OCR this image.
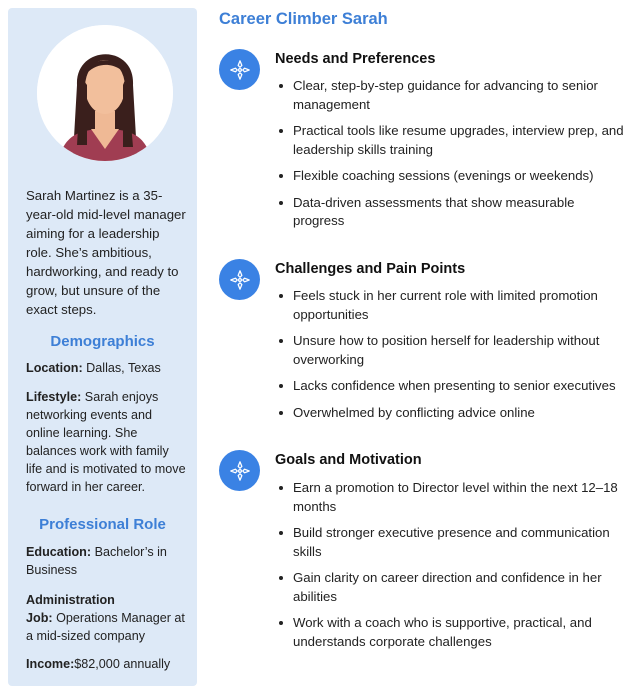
Sarah Martinez is a 35-year-old mid-level manager aiming for a leadership role. She’s ambitious, hardworking, and ready to grow, but unsure of the exact steps.

Demographics

Location: Dallas, Texas

Lifestyle: Sarah enjoys networking events and online learning. She balances work with family life and is motivated to move forward in her career.

Professional Role

Education: Bachelor’s in Business

Administration
Job: Operations Manager at a mid-sized company

Income:$82,000 annually

Career Climber Sarah
Needs and Preferences
Clear, step-by-step guidance for advancing to senior management
Practical tools like resume upgrades, interview prep, and leadership skills training
Flexible coaching sessions (evenings or weekends)
Data-driven assessments that show measurable progress
Challenges and Pain Points
Feels stuck in her current role with limited promotion opportunities
Unsure how to position herself for leadership without overworking
Lacks confidence when presenting to senior executives
Overwhelmed by conflicting advice online
Goals and Motivation
Earn a promotion to Director level within the next 12–18 months
Build stronger executive presence and communication skills
Gain clarity on career direction and confidence in her abilities
Work with a coach who is supportive, practical, and understands corporate challenges
